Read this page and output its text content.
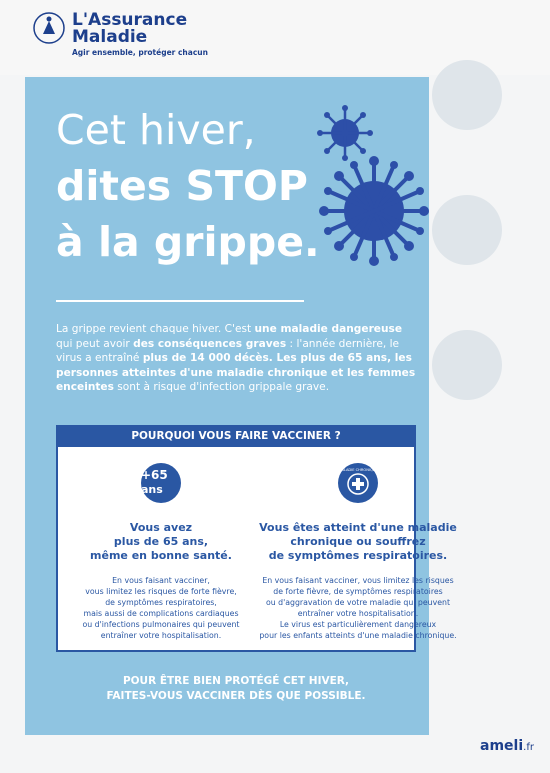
L'Assurance
Maladie
Agir ensemble, protéger chacun
Cet hiver,
dites STOP
à la grippe.
La grippe revient chaque hiver. C'est une maladie dangereuse qui peut avoir des conséquences graves : l'année dernière, le virus a entraîné plus de 14 000 décès. Les plus de 65 ans, les personnes atteintes d'une maladie chronique et les femmes enceintes sont à risque d'infection grippale grave.
POURQUOI VOUS FAIRE VACCINER ?
+65
ans
Vous avez
plus de 65 ans,
même en bonne santé.
En vous faisant vacciner,
vous limitez les risques de forte fièvre,
de symptômes respiratoires,
mais aussi de complications cardiaques
ou d'infections pulmonaires qui peuvent
entraîner votre hospitalisation.
MALADIE CHRONIQUE
Vous êtes atteint d'une maladie
chronique ou souffrez
de symptômes respiratoires.
En vous faisant vacciner, vous limitez les risques
de forte fièvre, de symptômes respiratoires
ou d'aggravation de votre maladie qui peuvent
entraîner votre hospitalisation.
Le virus est particulièrement dangereux
pour les enfants atteints d'une maladie chronique.
POUR ÊTRE BIEN PROTÉGÉ CET HIVER,
FAITES-VOUS VACCINER DÈS QUE POSSIBLE.
ameli.fr
